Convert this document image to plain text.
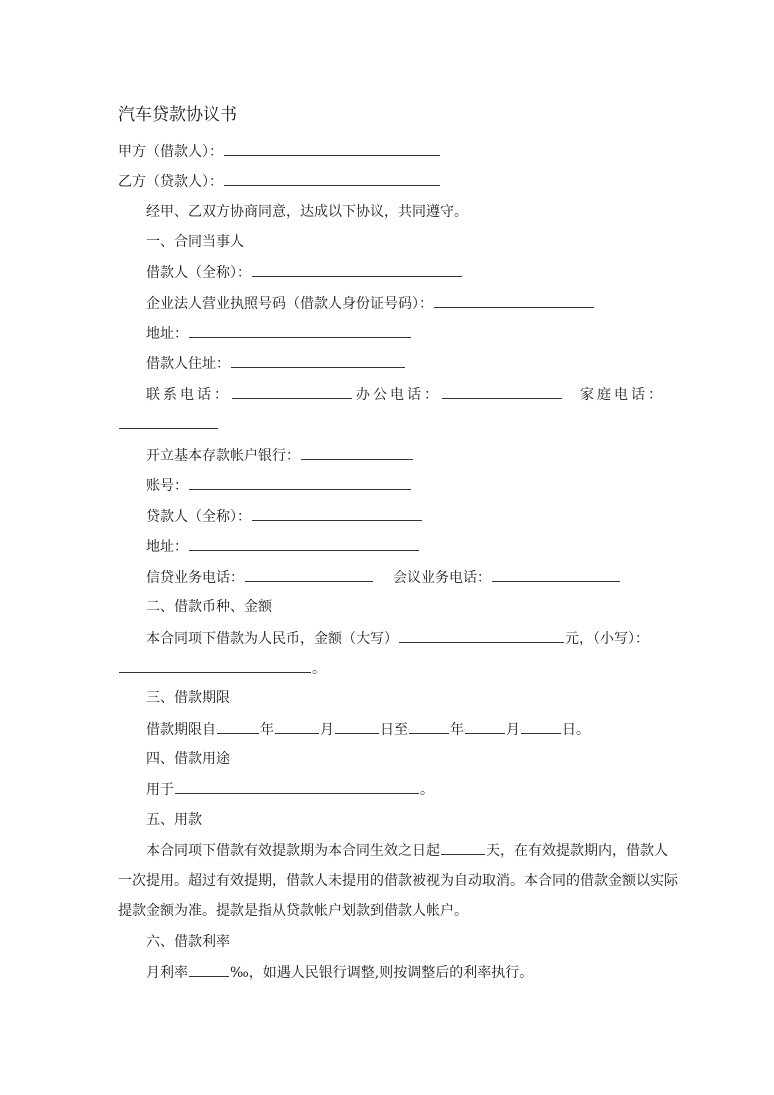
汽车贷款协议书
甲方（借款人）：
乙方（贷款人）：
经甲、乙双方协商同意，达成以下协议，共同遵守。
一、合同当事人
借款人（全称）：
企业法人营业执照号码（借款人身份证号码）：
地址：
借款人住址：
联系电话：	办公电话：	家庭电话：
开立基本存款帐户银行：
账号：
贷款人（全称）：
地址：
信贷业务电话：	会议业务电话：
二、借款币种、金额
本合同项下借款为人民币，金额（大写）	元，（小写）：
。
三、借款期限
借款期限自	年	月	日至	年	月	日。
四、借款用途
用于	。
五、用款
本合同项下借款有效提款期为本合同生效之日起	天，在有效提款期内，借款人
一次提用。超过有效提期，借款人未提用的借款被视为自动取消。本合同的借款金额以实际
提款金额为准。提款是指从贷款帐户划款到借款人帐户。
六、借款利率
月利率	‰，如遇人民银行调整,则按调整后的利率执行。
